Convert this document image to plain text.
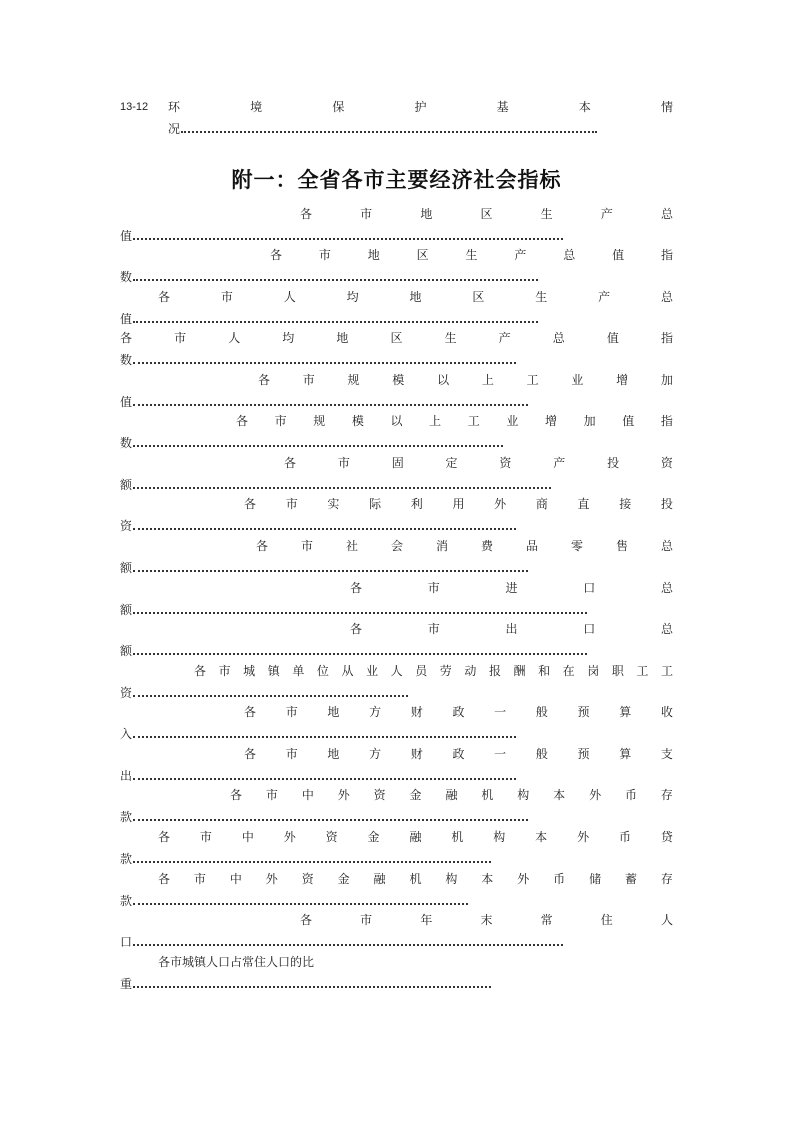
13-12 环	境	保	护	基	本	情
况
附一：全省各市主要经济社会指标
各	市	地	区	生	产	总
值
各	市	地	区	生	产	总	值	指
数
各	市	人	均	地	区	生	产	总
值
各	市	人	均	地	区	生	产	总	值	指
数
各	市	规	模	以	上	工	业	增	加
值
各 市 规 模 以 上 工 业 增 加 值 指
数
各	市	固	定	资	产	投	资
额
各 市 实 际 利 用 外 商 直 接 投
资
各	市	社	会	消	费	品	零	售	总
额
各	市	进	口	总
额
各	市	出	口	总
额
各 市 城 镇 单 位 从 业 人 员 劳 动 报 酬 和 在 岗 职 工 工
资
各 市 地 方 财 政 一 般 预 算 收
入
各 市 地 方 财 政 一 般 预 算 支
出
各 市 中 外 资 金 融 机 构 本 外 币 存
款
各 市 中 外 资 金 融 机 构 本 外 币 贷
款
各 市 中 外 资 金 融 机 构 本 外 币 储 蓄 存
款
各	市	年	末	常	住	人
口
各市城镇人口占常住人口的比
重
